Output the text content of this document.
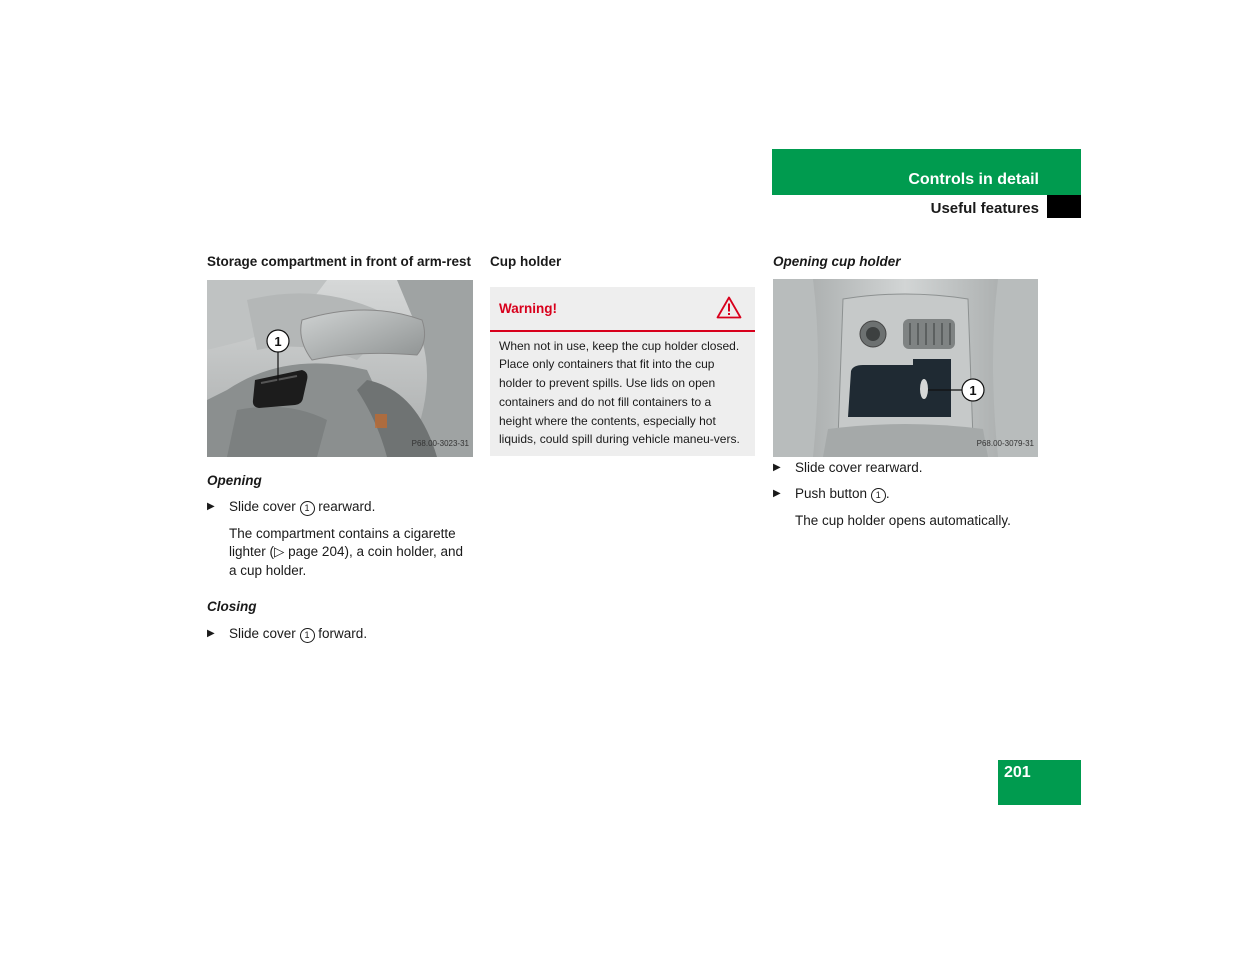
Controls in detail
Useful features

Storage compartment in front of arm-rest

1
P68.00-3023-31

Opening

▶ Slide cover 1 rearward.
The compartment contains a cigarette lighter (▷ page 204), a coin holder, and a cup holder.

Closing

▶ Slide cover 1 forward.

Cup holder

Warning!
When not in use, keep the cup holder closed. Place only containers that fit into the cup holder to prevent spills. Use lids on open containers and do not fill containers to a height where the contents, especially hot liquids, could spill during vehicle maneu-vers.

Opening cup holder

1
P68.00-3079-31
▶ Slide cover rearward.
▶ Push button 1 .
The cup holder opens automatically.
201
